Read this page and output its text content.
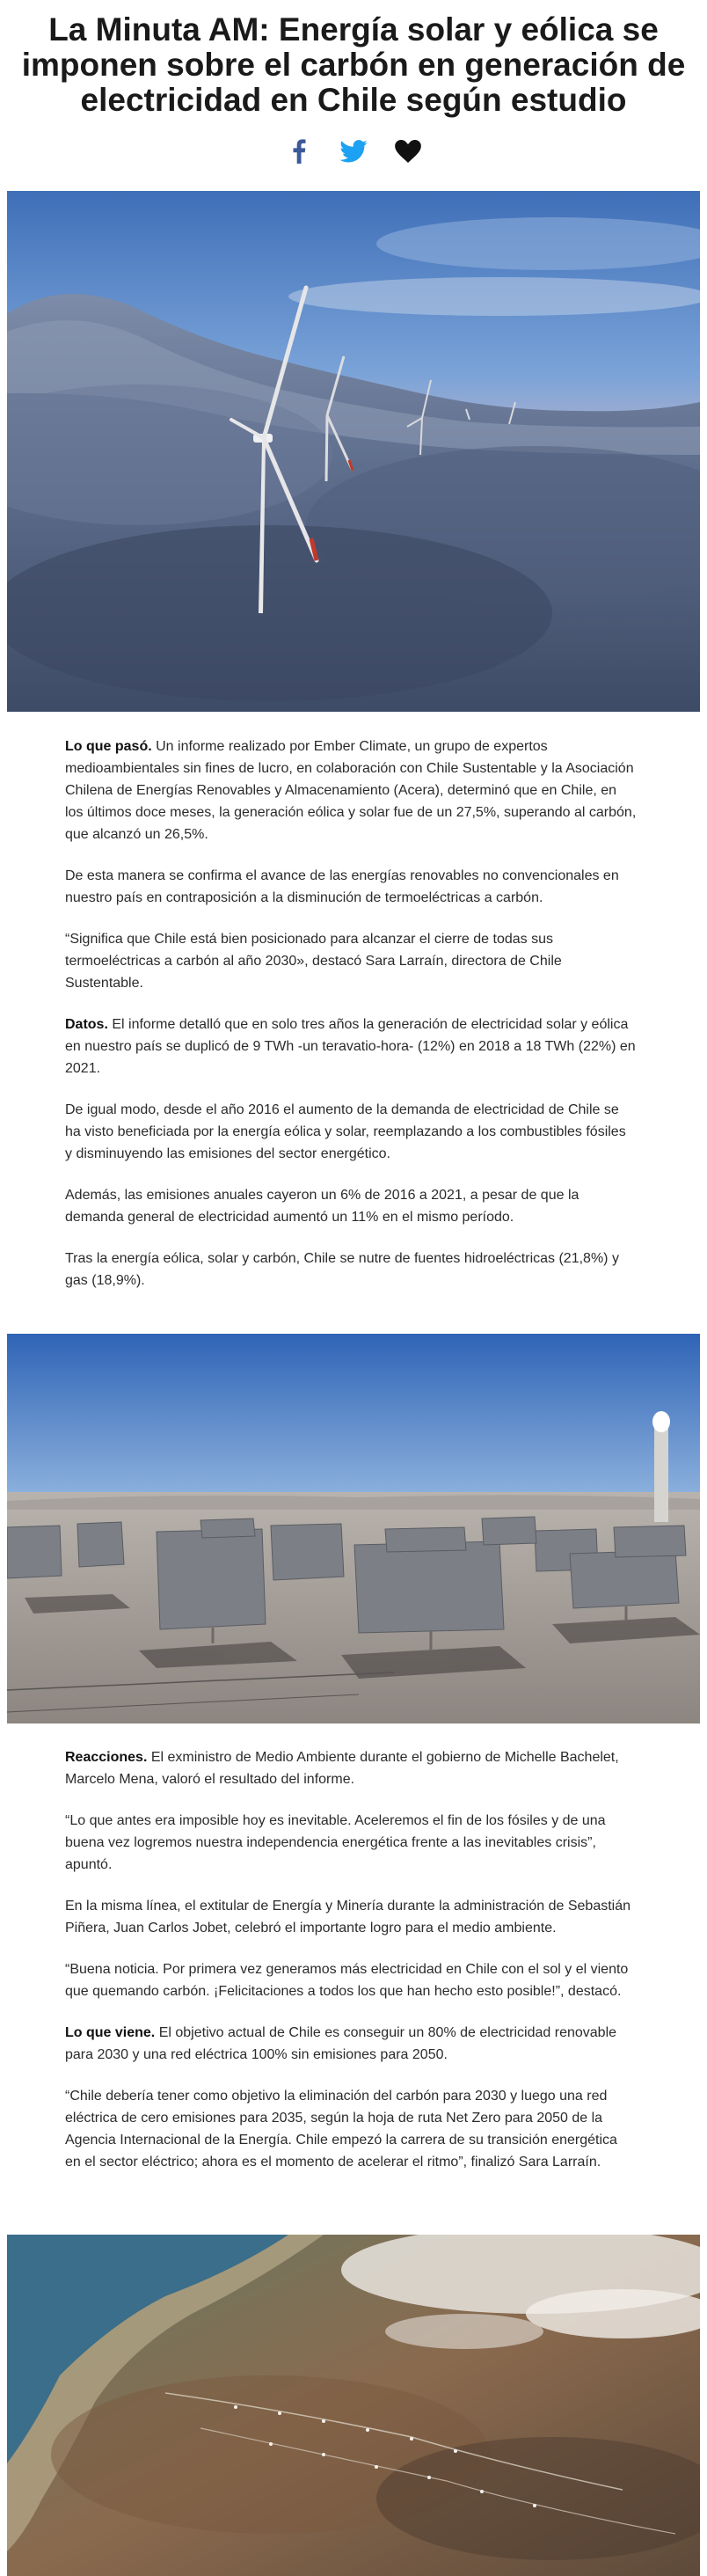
La Minuta AM: Energía solar y eólica se imponen sobre el carbón en generación de electricidad en Chile según estudio

Lo que pasó. Un informe realizado por Ember Climate, un grupo de expertos medioambientales sin fines de lucro, en colaboración con Chile Sustentable y la Asociación Chilena de Energías Renovables y Almacenamiento (Acera), determinó que en Chile, en los últimos doce meses, la generación eólica y solar fue de un 27,5%, superando al carbón, que alcanzó un 26,5%.

De esta manera se confirma el avance de las energías renovables no convencionales en nuestro país en contraposición a la disminución de termoeléctricas a carbón.

“Significa que Chile está bien posicionado para alcanzar el cierre de todas sus termoeléctricas a carbón al año 2030», destacó Sara Larraín, directora de Chile Sustentable.

Datos. El informe detalló que en solo tres años la generación de electricidad solar y eólica en nuestro país se duplicó de 9 TWh -un teravatio-hora- (12%) en 2018 a 18 TWh (22%) en 2021.

De igual modo, desde el año 2016 el aumento de la demanda de electricidad de Chile se ha visto beneficiada por la energía eólica y solar, reemplazando a los combustibles fósiles y disminuyendo las emisiones del sector energético.

Además, las emisiones anuales cayeron un 6% de 2016 a 2021, a pesar de que la demanda general de electricidad aumentó un 11% en el mismo período.

Tras la energía eólica, solar y carbón, Chile se nutre de fuentes hidroeléctricas (21,8%) y gas (18,9%).

Reacciones. El exministro de Medio Ambiente durante el gobierno de Michelle Bachelet, Marcelo Mena, valoró el resultado del informe.

“Lo que antes era imposible hoy es inevitable. Aceleremos el fin de los fósiles y de una buena vez logremos nuestra independencia energética frente a las inevitables crisis”, apuntó.

En la misma línea, el extitular de Energía y Minería durante la administración de Sebastián Piñera, Juan Carlos Jobet, celebró el importante logro para el medio ambiente.

“Buena noticia. Por primera vez generamos más electricidad en Chile con el sol y el viento que quemando carbón. ¡Felicitaciones a todos los que han hecho esto posible!”, destacó.

Lo que viene. El objetivo actual de Chile es conseguir un 80% de electricidad renovable para 2030 y una red eléctrica 100% sin emisiones para 2050.

“Chile debería tener como objetivo la eliminación del carbón para 2030 y luego una red eléctrica de cero emisiones para 2035, según la hoja de ruta Net Zero para 2050 de la Agencia Internacional de la Energía. Chile empezó la carrera de su transición energética en el sector eléctrico; ahora es el momento de acelerar el ritmo”, finalizó Sara Larraín.
